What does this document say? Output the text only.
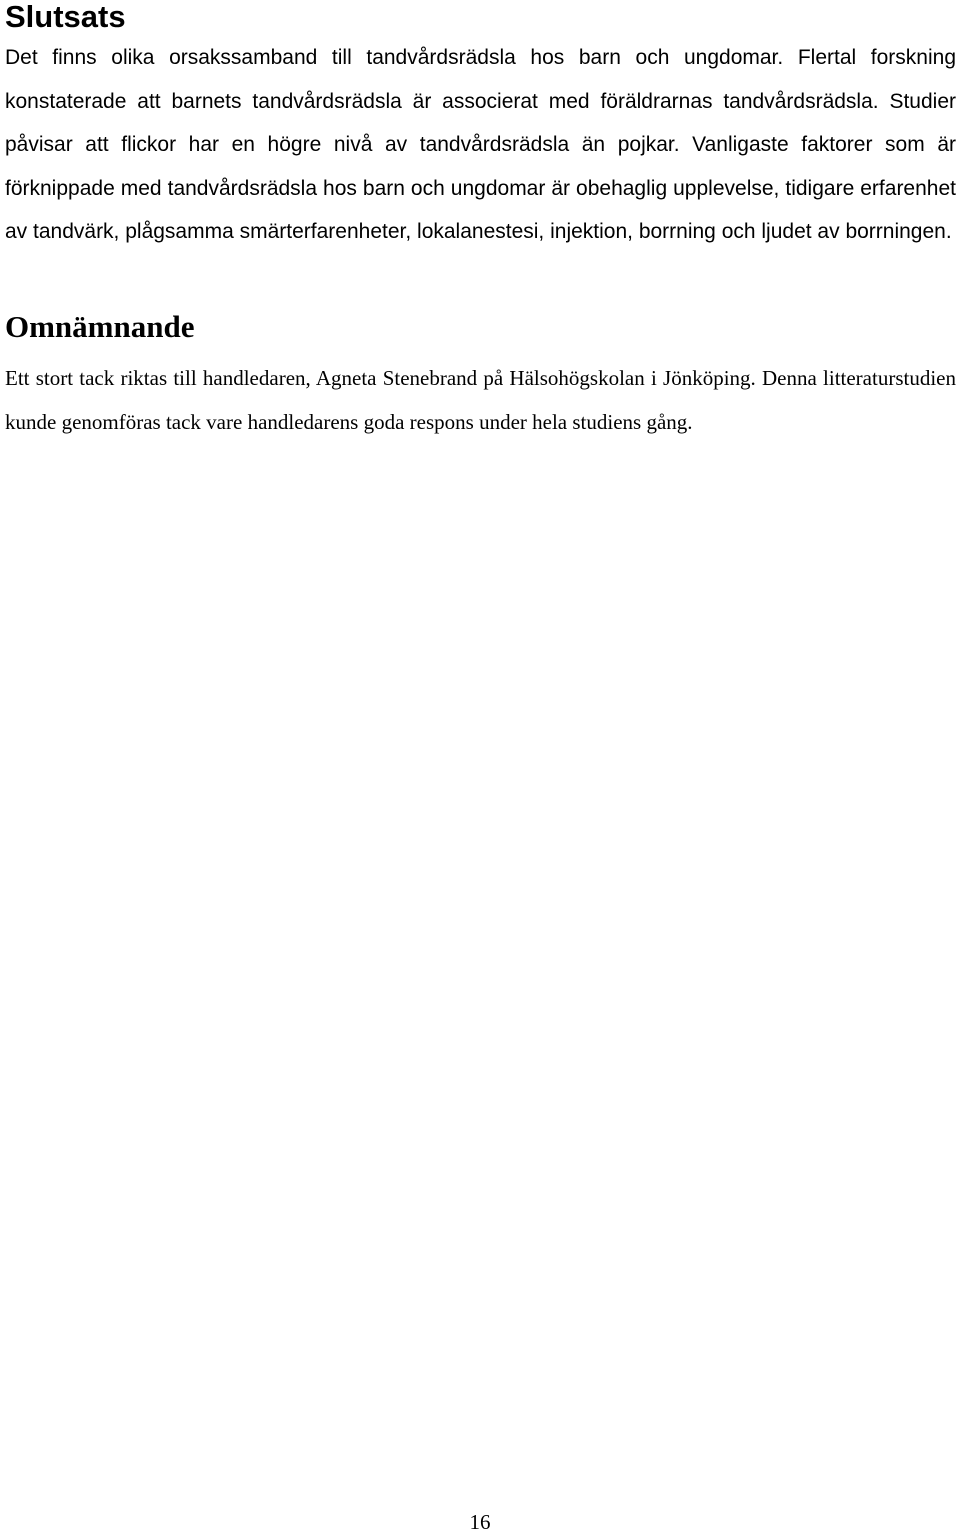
Slutsats

Det finns olika orsakssamband till tandvårdsrädsla hos barn och ungdomar. Flertal forskning konstaterade att barnets tandvårdsrädsla är associerat med föräldrarnas tandvårdsrädsla. Studier påvisar att flickor har en högre nivå av tandvårdsrädsla än pojkar. Vanligaste faktorer som är förknippade med tandvårdsrädsla hos barn och ungdomar är obehaglig upplevelse, tidigare erfarenhet av tandvärk, plågsamma smärterfarenheter, lokalanestesi, injektion, borrning och ljudet av borrningen.

Omnämnande

Ett stort tack riktas till handledaren, Agneta Stenebrand på Hälsohögskolan i Jönköping. Denna litteraturstudien kunde genomföras tack vare handledarens goda respons under hela studiens gång.

16
